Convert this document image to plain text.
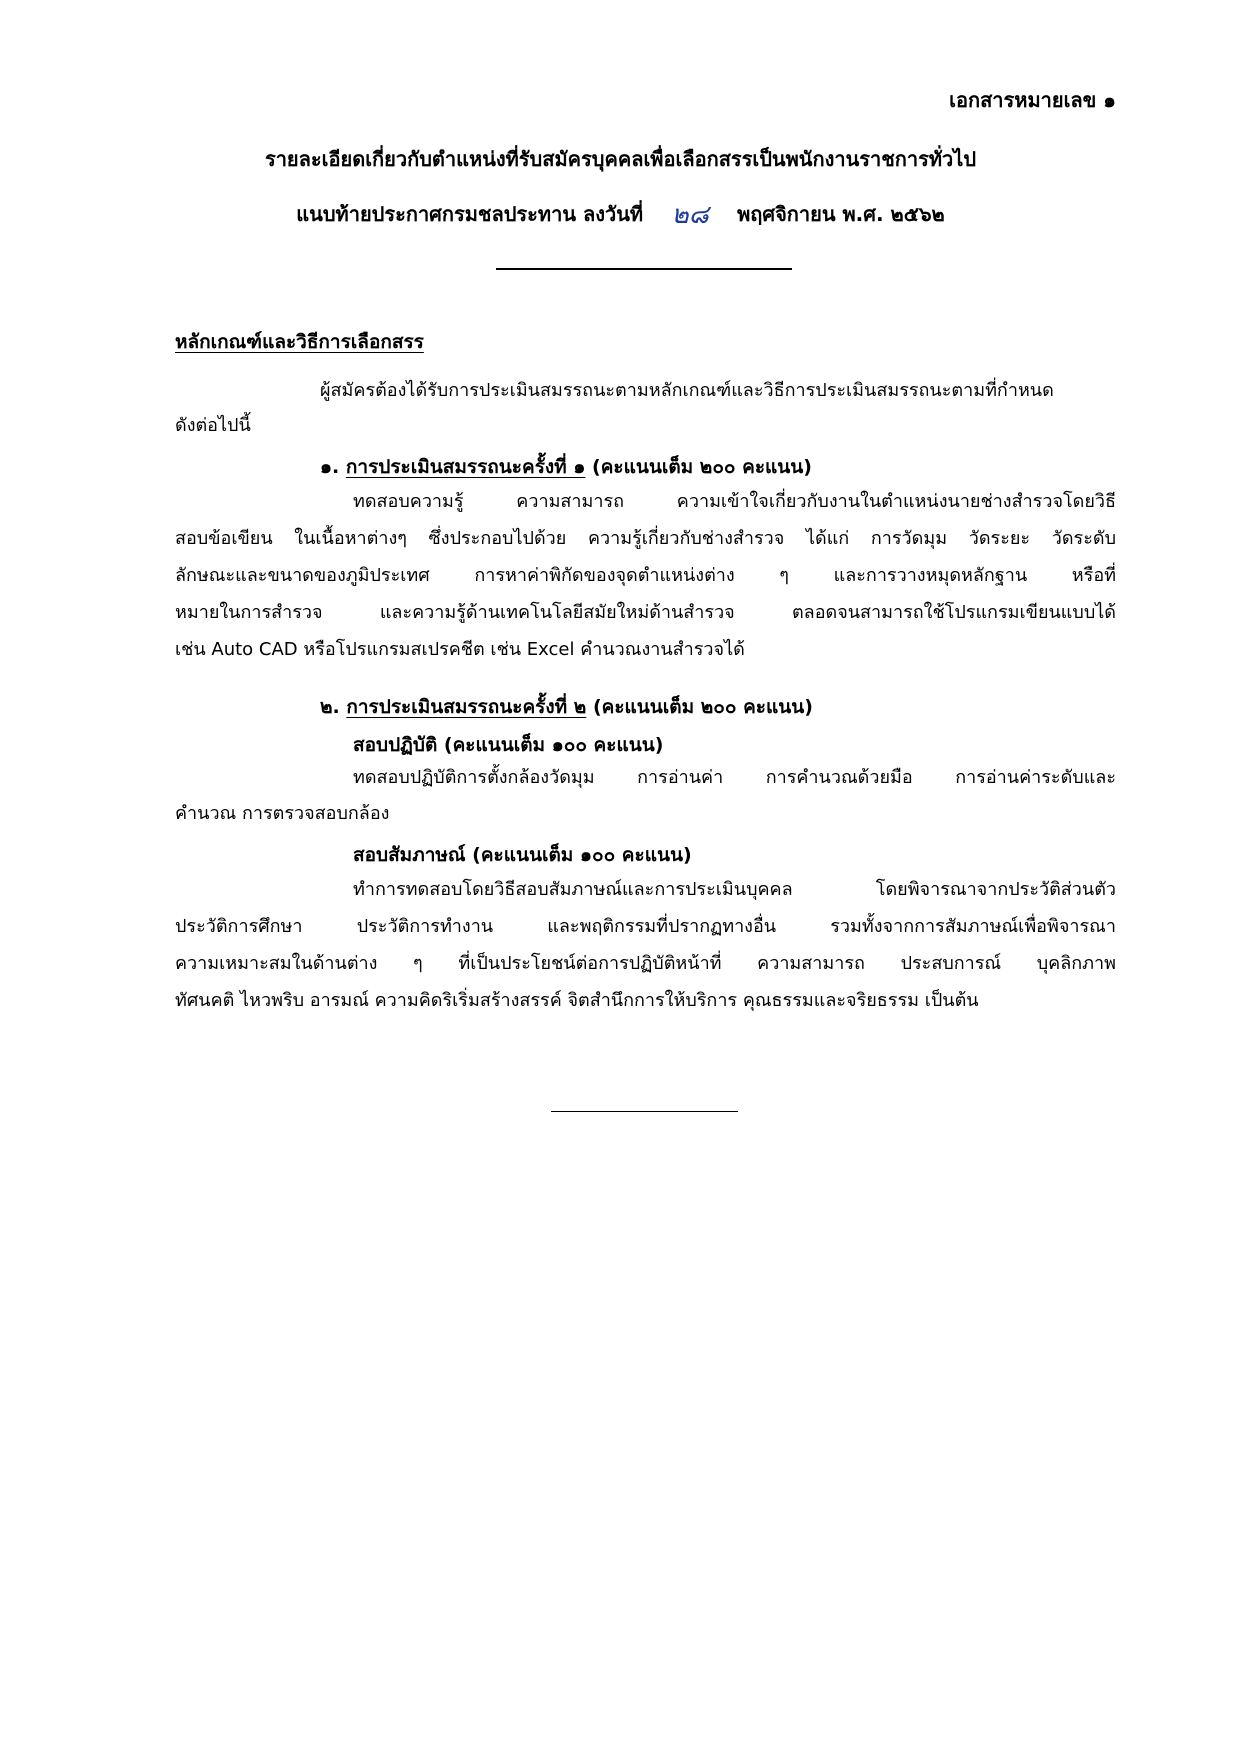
เอกสารหมายเลข ๑
รายละเอียดเกี่ยวกับตำแหน่งที่รับสมัครบุคคลเพื่อเลือกสรรเป็นพนักงานราชการทั่วไป
แนบท้ายประกาศกรมชลประทาน ลงวันที่ ๒๘ พฤศจิกายน พ.ศ. ๒๕๖๒
หลักเกณฑ์และวิธีการเลือกสรร
ผู้สมัครต้องได้รับการประเมินสมรรถนะตามหลักเกณฑ์และวิธีการประเมินสมรรถนะตามที่กำหนด
ดังต่อไปนี้
๑. การประเมินสมรรถนะครั้งที่ ๑ (คะแนนเต็ม ๒๐๐ คะแนน)
ทดสอบความรู้ ความสามารถ ความเข้าใจเกี่ยวกับงานในตำแหน่งนายช่างสำรวจโดยวิธี
สอบข้อเขียน ในเนื้อหาต่างๆ ซึ่งประกอบไปด้วย ความรู้เกี่ยวกับช่างสำรวจ ได้แก่ การวัดมุม วัดระยะ วัดระดับ
ลักษณะและขนาดของภูมิประเทศ การหาค่าพิกัดของจุดตำแหน่งต่าง ๆ และการวางหมุดหลักฐาน หรือที่
หมายในการสำรวจ และความรู้ด้านเทคโนโลยีสมัยใหม่ด้านสำรวจ ตลอดจนสามารถใช้โปรแกรมเขียนแบบได้
เช่น Auto CAD หรือโปรแกรมสเปรคชีต เช่น Excel คำนวณงานสำรวจได้
๒. การประเมินสมรรถนะครั้งที่ ๒ (คะแนนเต็ม ๒๐๐ คะแนน)
สอบปฏิบัติ (คะแนนเต็ม ๑๐๐ คะแนน)
ทดสอบปฏิบัติการตั้งกล้องวัดมุม การอ่านค่า การคำนวณด้วยมือ การอ่านค่าระดับและ
คำนวณ การตรวจสอบกล้อง
สอบสัมภาษณ์ (คะแนนเต็ม ๑๐๐ คะแนน)
ทำการทดสอบโดยวิธีสอบสัมภาษณ์และการประเมินบุคคล โดยพิจารณาจากประวัติส่วนตัว
ประวัติการศึกษา ประวัติการทำงาน และพฤติกรรมที่ปรากฏทางอื่น รวมทั้งจากการสัมภาษณ์เพื่อพิจารณา
ความเหมาะสมในด้านต่าง ๆ ที่เป็นประโยชน์ต่อการปฏิบัติหน้าที่ ความสามารถ ประสบการณ์ บุคลิกภาพ
ทัศนคติ ไหวพริบ อารมณ์ ความคิดริเริ่มสร้างสรรค์ จิตสำนึกการให้บริการ คุณธรรมและจริยธรรม เป็นต้น
